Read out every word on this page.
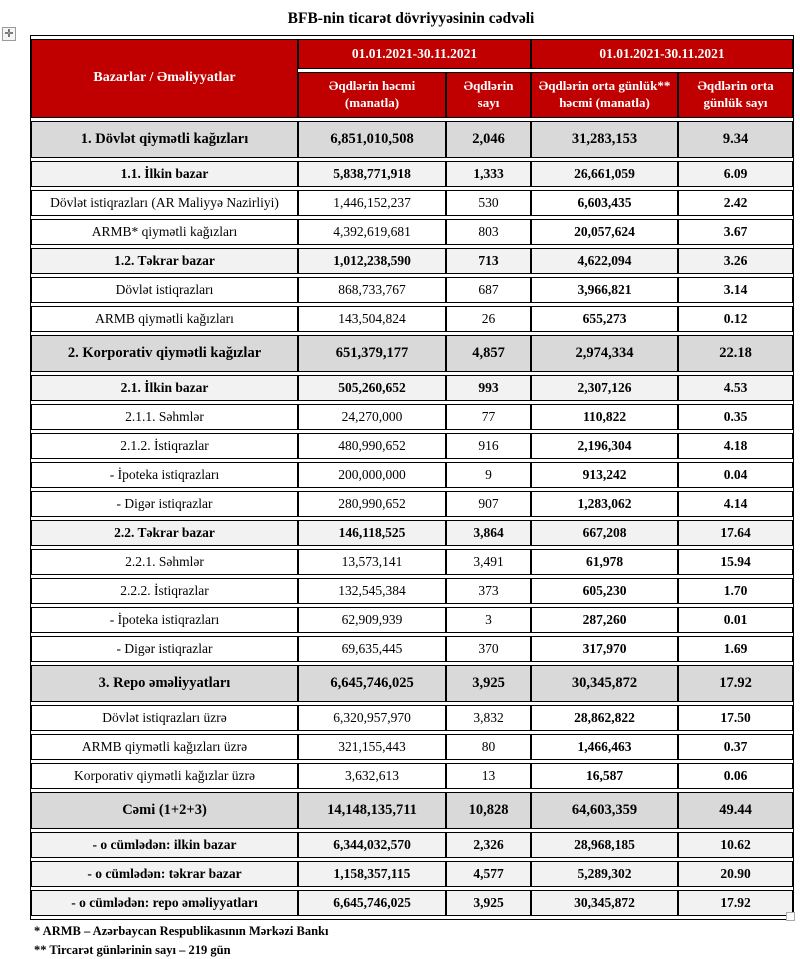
✛
BFB-nin ticarət dövriyyəsinin cədvəli
Bazarlar / Əməliyyatlar	01.01.2021-30.11.2021		01.01.2021-30.11.2021	
	Əqdlərin həcmi (manatla)	Əqdlərin sayı	Əqdlərin orta günlük** həcmi (manatla)	Əqdlərin orta günlük sayı
1. Dövlət qiymətli kağızları	6,851,010,508	2,046	31,283,153	9.34
1.1. İlkin bazar	5,838,771,918	1,333	26,661,059	6.09
Dövlət istiqrazları (AR Maliyyə Nazirliyi)	1,446,152,237	530	6,603,435	2.42
ARMB* qiymətli kağızları	4,392,619,681	803	20,057,624	3.67
1.2. Təkrar bazar	1,012,238,590	713	4,622,094	3.26
Dövlət istiqrazları	868,733,767	687	3,966,821	3.14
ARMB qiymətli kağızları	143,504,824	26	655,273	0.12
2. Korporativ qiymətli kağızlar	651,379,177	4,857	2,974,334	22.18
2.1. İlkin bazar	505,260,652	993	2,307,126	4.53
2.1.1. Səhmlər	24,270,000	77	110,822	0.35
2.1.2. İstiqrazlar	480,990,652	916	2,196,304	4.18
- İpoteka istiqrazları	200,000,000	9	913,242	0.04
- Digər istiqrazlar	280,990,652	907	1,283,062	4.14
2.2. Təkrar bazar	146,118,525	3,864	667,208	17.64
2.2.1. Səhmlər	13,573,141	3,491	61,978	15.94
2.2.2. İstiqrazlar	132,545,384	373	605,230	1.70
- İpoteka istiqrazları	62,909,939	3	287,260	0.01
- Digər istiqrazlar	69,635,445	370	317,970	1.69
3. Repo əməliyyatları	6,645,746,025	3,925	30,345,872	17.92
Dövlət istiqrazları üzrə	6,320,957,970	3,832	28,862,822	17.50
ARMB qiymətli kağızları üzrə	321,155,443	80	1,466,463	0.37
Korporativ qiymətli kağızlar üzrə	3,632,613	13	16,587	0.06
Cəmi (1+2+3)	14,148,135,711	10,828	64,603,359	49.44
- o cümlədən: ilkin bazar	6,344,032,570	2,326	28,968,185	10.62
- o cümlədən: təkrar bazar	1,158,357,115	4,577	5,289,302	20.90
- o cümlədən: repo əməliyyatları	6,645,746,025	3,925	30,345,872	17.92
* ARMB – Azərbaycan Respublikasının Mərkəzi Bankı
** Tircarət günlərinin sayı – 219 gün
